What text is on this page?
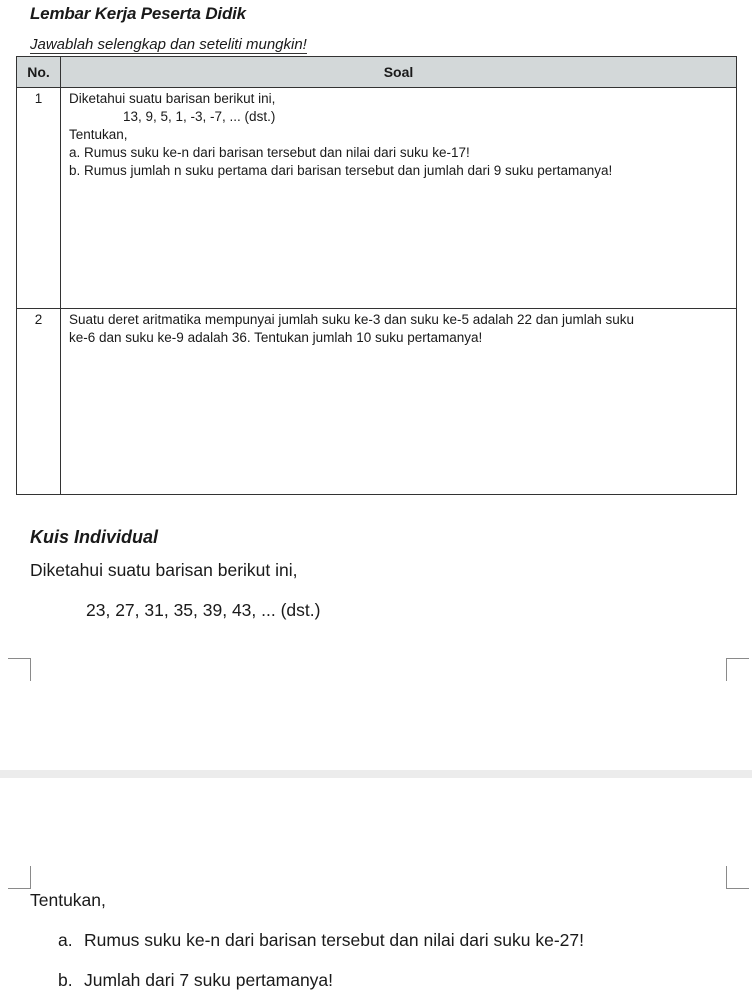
Lembar Kerja Peserta Didik
Jawablah selengkap dan seteliti mungkin!
No.	Soal
1	Diketahui suatu barisan berikut ini,
13, 9, 5, 1, -3, -7, ... (dst.)
Tentukan,
a. Rumus suku ke-n dari barisan tersebut dan nilai dari suku ke-17!
b. Rumus jumlah n suku pertama dari barisan tersebut dan jumlah dari 9 suku pertamanya!

2	Suatu deret aritmatika mempunyai jumlah suku ke-3 dan suku ke-5 adalah 22 dan jumlah suku
ke-6 dan suku ke-9 adalah 36. Tentukan jumlah 10 suku pertamanya!
Kuis Individual
Diketahui suatu barisan berikut ini,
23, 27, 31, 35, 39, 43, ... (dst.)
Tentukan,
a. Rumus suku ke-n dari barisan tersebut dan nilai dari suku ke-27!
b. Jumlah dari 7 suku pertamanya!
